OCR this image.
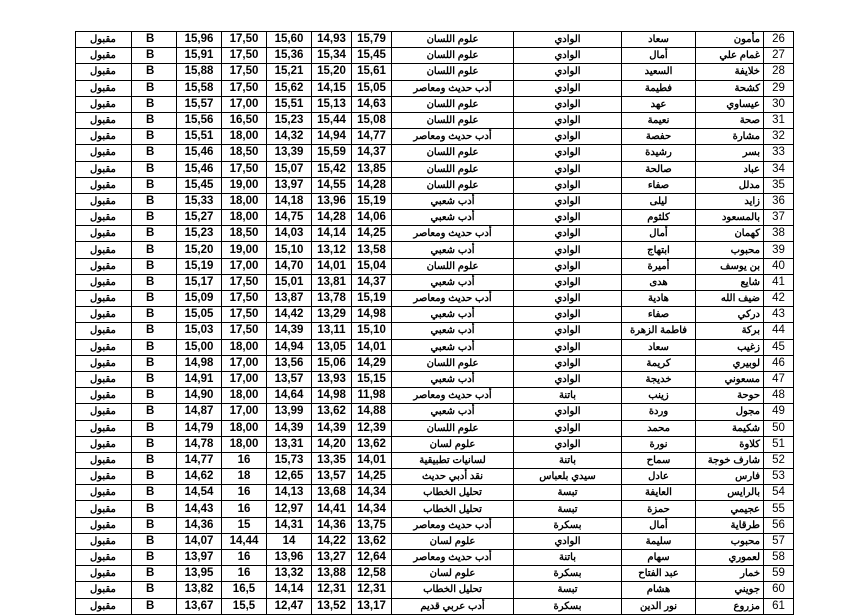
مقبول	B	15,96	17,50	15,60	14,93	15,79	علوم اللسان	الوادي	سعاد	مأمون	26
مقبول	B	15,91	17,50	15,36	15,34	15,45	علوم اللسان	الوادي	أمال	غمام علي	27
مقبول	B	15,88	17,50	15,21	15,20	15,61	علوم اللسان	الوادي	السعيد	خلايفة	28
مقبول	B	15,58	17,50	15,62	14,15	15,05	أدب حديث ومعاصر	الوادي	فطيمة	كشحة	29
مقبول	B	15,57	17,00	15,51	15,13	14,63	علوم اللسان	الوادي	عهد	عيساوي	30
مقبول	B	15,56	16,50	15,23	15,44	15,08	علوم اللسان	الوادي	نعيمة	صحة	31
مقبول	B	15,51	18,00	14,32	14,94	14,77	أدب حديث ومعاصر	الوادي	حفصة	مشارة	32
مقبول	B	15,46	18,50	13,39	15,59	14,37	علوم اللسان	الوادي	رشيدة	بسر	33
مقبول	B	15,46	17,50	15,07	15,42	13,85	علوم اللسان	الوادي	صالحة	عباد	34
مقبول	B	15,45	19,00	13,97	14,55	14,28	علوم اللسان	الوادي	صفاء	مدلل	35
مقبول	B	15,33	18,00	14,18	13,96	15,19	أدب شعبي	الوادي	ليلى	زايد	36
مقبول	B	15,27	18,00	14,75	14,28	14,06	أدب شعبي	الوادي	كلثوم	بالمسعود	37
مقبول	B	15,23	18,50	14,03	14,14	14,25	أدب حديث ومعاصر	الوادي	أمال	كهمان	38
مقبول	B	15,20	19,00	15,10	13,12	13,58	أدب شعبي	الوادي	ابتهاج	محبوب	39
مقبول	B	15,19	17,00	14,70	14,01	15,04	علوم اللسان	الوادي	أميرة	بن يوسف	40
مقبول	B	15,17	17,50	15,01	13,81	14,37	أدب شعبي	الوادي	هدى	شايع	41
مقبول	B	15,09	17,50	13,87	13,78	15,19	أدب حديث ومعاصر	الوادي	هادية	ضيف الله	42
مقبول	B	15,05	17,50	14,42	13,29	14,98	أدب شعبي	الوادي	صفاء	دركي	43
مقبول	B	15,03	17,50	14,39	13,11	15,10	أدب شعبي	الوادي	فاطمة الزهرة	بركة	44
مقبول	B	15,00	18,00	14,94	13,05	14,01	أدب شعبي	الوادي	سعاد	زغيب	45
مقبول	B	14,98	17,00	13,56	15,06	14,29	علوم اللسان	الوادي	كريمة	لوبيري	46
مقبول	B	14,91	17,00	13,57	13,93	15,15	أدب شعبي	الوادي	خديجة	مسعوني	47
مقبول	B	14,90	18,00	14,64	14,98	11,98	أدب حديث ومعاصر	باتنة	زينب	حوحة	48
مقبول	B	14,87	17,00	13,99	13,62	14,88	أدب شعبي	الوادي	وردة	مجول	49
مقبول	B	14,79	18,00	14,39	14,39	12,39	علوم اللسان	الوادي	محمد	شكيمة	50
مقبول	B	14,78	18,00	13,31	14,20	13,62	علوم لسان	الوادي	نورة	كلاوة	51
مقبول	B	14,77	16	15,73	13,35	14,01	لسانيات تطبيقية	باتنة	سماح	شارف خوجة	52
مقبول	B	14,62	18	12,65	13,57	14,25	نقد أدبي حديث	سيدي بلعباس	عادل	فارس	53
مقبول	B	14,54	16	14,13	13,68	14,34	تحليل الخطاب	تبسة	العايفة	بالرايس	54
مقبول	B	14,43	16	12,97	14,41	14,34	تحليل الخطاب	تبسة	حمزة	عجيمي	55
مقبول	B	14,36	15	14,31	14,36	13,75	أدب حديث ومعاصر	بسكرة	أمال	طرقاية	56
مقبول	B	14,07	14,44	14	14,22	13,62	علوم لسان	الوادي	سليمة	محبوب	57
مقبول	B	13,97	16	13,96	13,27	12,64	أدب حديث ومعاصر	باتنة	سهام	لعموري	58
مقبول	B	13,95	16	13,32	13,88	12,58	علوم لسان	بسكرة	عبد الفتاح	خمار	59
مقبول	B	13,82	16,5	14,14	12,31	12,31	تحليل الخطاب	تبسة	هشام	جويني	60
مقبول	B	13,67	15,5	12,47	13,52	13,17	أدب عربي قديم	بسكرة	نور الدين	مزروع	61
